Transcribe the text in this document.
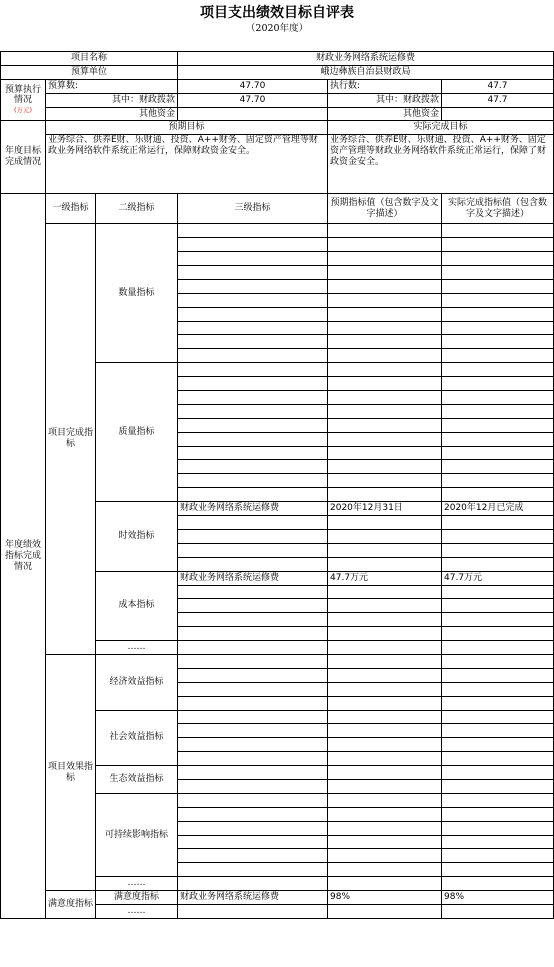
项目支出绩效目标自评表
（2020年度）
项目名称			财政业务网络系统运修费		
预算单位			峨边彝族自治县财政局		
预算执行情况
(万元)	预算数:		47.70	执行数:	47.7
	其中：财政拨款		47.70	其中：财政拨款	47.7
	其他资金			其他资金	
年度目标完成情况	预期目标			实际完成目标	
	业务综合、供养E财、乐财通、投资、A++财务、固定资产管理等财政业务网络软件系统正常运行，保障财政资金安全。			业务综合、供养E财、乐财通、投资、A++财务、固定资产管理等财政业务网络软件系统正常运行，保障了财政资金安全。	
年度绩效指标完成情况	一级指标	二级指标	三级指标	预期指标值（包含数字及文字描述）	实际完成指标值（包含数字及文字描述）
	项目完成指标	数量指标			

		质量指标			

		时效指标	财政业务网络系统运修费	2020年12月31日	2020年12月已完成

		成本指标	财政业务网络系统运修费	47.7万元	47.7万元

		……			
	项目效果指标	经济效益指标			

		社会效益指标			

		生态效益指标			

		可持续影响指标			

		……			
	满意度指标	满意度指标	财政业务网络系统运修费	98%	98%
		……			
